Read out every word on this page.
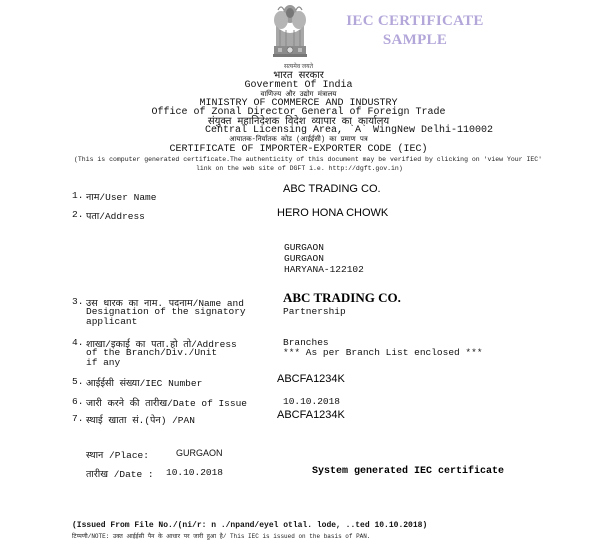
IEC CERTIFICATE
SAMPLE
सत्यमेव जयते
भारत सरकार
Goverment Of India
वाणिज्य और उद्योग मंत्रालय
MINISTRY OF COMMERCE AND INDUSTRY
Office of Zonal Director General of Foreign Trade
संयुक्त महानिदेशक विदेश व्यापार का कार्यालय
Central Licensing Area, `A` WingNew Delhi-110002
आयातक-निर्यातक कोड (आईईसी) का प्रमाण पत्र
CERTIFICATE OF IMPORTER-EXPORTER CODE (IEC)
(This is computer generated certificate.The authenticity of this document may be verified by clicking on 'view Your IEC'
link on the web site of DGFT i.e. http://dgft.gov.in)
1. नाम/User Name
ABC TRADING CO.
2. पता/Address	HERO HONA CHOWK
GURGAON
GURGAON
HARYANA-122102
3. उस धारक का नाम. पदनाम/Name and
Designation of the signatory
applicant
ABC TRADING CO.
Partnership
4. शाखा/इकाई का पता.हो तो/Address
of the Branch/Div./Unit
if any
Branches
*** As per Branch List enclosed ***
5. आईईसी संख्या/IEC Number	ABCFA1234K
6. जारी करने की तारीख/Date of Issue	10.10.2018
7. स्थाई खाता सं.(पेन) /PAN	ABCFA1234K
स्थान /Place:	GURGAON
तारीख /Date : 10.10.2018	System generated IEC certificate
(Issued From File No./(ni/r: n ./npand/eyel otlal. lode, ..ted 10.10.2018)
टिप्पणी/NOTE: उक्त आईईसी पैन के आधार पर जारी हुआ है/ This IEC is issued on the basis of PAN.
